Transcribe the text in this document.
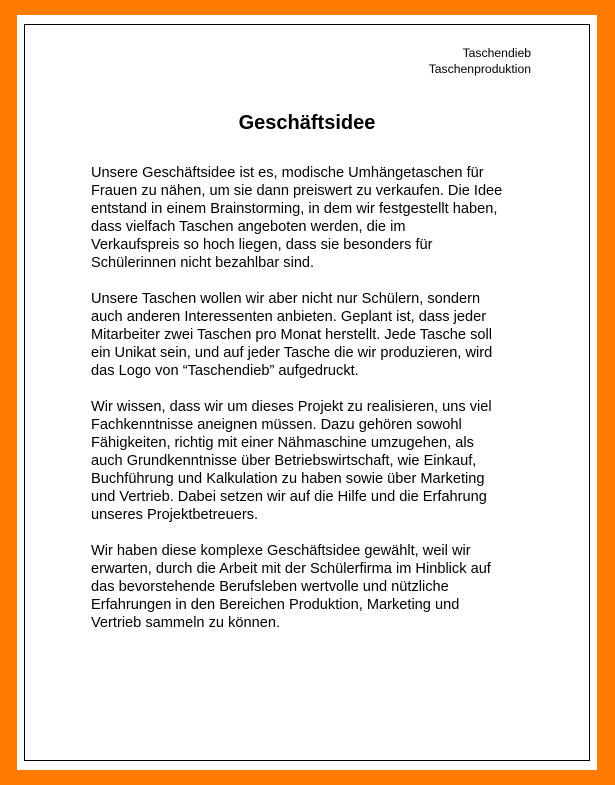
Taschendieb
Taschenproduktion
Geschäftsidee

Unsere Geschäftsidee ist es, modische Umhängetaschen für
Frauen zu nähen, um sie dann preiswert zu verkaufen. Die Idee
entstand in einem Brainstorming, in dem wir festgestellt haben,
dass vielfach Taschen angeboten werden, die im
Verkaufspreis so hoch liegen, dass sie besonders für
Schülerinnen nicht bezahlbar sind.

Unsere Taschen wollen wir aber nicht nur Schülern, sondern
auch anderen Interessenten anbieten. Geplant ist, dass jeder
Mitarbeiter zwei Taschen pro Monat herstellt. Jede Tasche soll
ein Unikat sein, und auf jeder Tasche die wir produzieren, wird
das Logo von “Taschendieb” aufgedruckt.

Wir wissen, dass wir um dieses Projekt zu realisieren, uns viel
Fachkenntnisse aneignen müssen. Dazu gehören sowohl
Fähigkeiten, richtig mit einer Nähmaschine umzugehen, als
auch Grundkenntnisse über Betriebswirtschaft, wie Einkauf,
Buchführung und Kalkulation zu haben sowie über Marketing
und Vertrieb. Dabei setzen wir auf die Hilfe und die Erfahrung
unseres Projektbetreuers.

Wir haben diese komplexe Geschäftsidee gewählt, weil wir
erwarten, durch die Arbeit mit der Schülerfirma im Hinblick auf
das bevorstehende Berufsleben wertvolle und nützliche
Erfahrungen in den Bereichen Produktion, Marketing und
Vertrieb sammeln zu können.
